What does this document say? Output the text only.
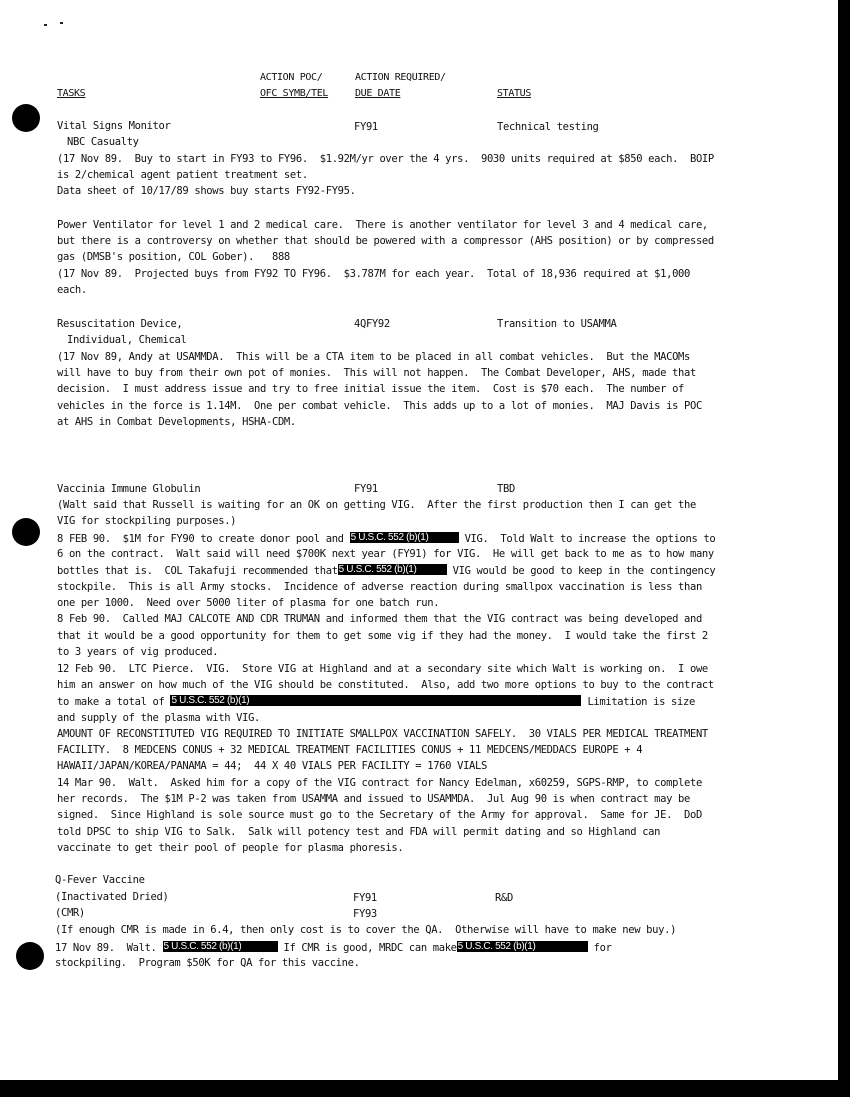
ACTION POC/	ACTION REQUIRED/
TASKS	OFC SYMB/TEL	DUE DATE	STATUS
Vital Signs Monitor	FY91	Technical testing
NBC Casualty
(17 Nov 89.  Buy to start in FY93 to FY96.  $1.92M/yr over the 4 yrs.  9030 units required at $850 each.  BOIP
is 2/chemical agent patient treatment set.
Data sheet of 10/17/89 shows buy starts FY92-FY95.
Power Ventilator for level 1 and 2 medical care.  There is another ventilator for level 3 and 4 medical care,
but there is a controversy on whether that should be powered with a compressor (AHS position) or by compressed
gas (DMSB's position, COL Gober).   888
(17 Nov 89.  Projected buys from FY92 TO FY96.  $3.787M for each year.  Total of 18,936 required at $1,000
each.
Resuscitation Device,	4QFY92	Transition to USAMMA
Individual, Chemical
(17 Nov 89, Andy at USAMMDA.  This will be a CTA item to be placed in all combat vehicles.  But the MACOMs
will have to buy from their own pot of monies.  This will not happen.  The Combat Developer, AHS, made that
decision.  I must address issue and try to free initial issue the item.  Cost is $70 each.  The number of
vehicles in the force is 1.14M.  One per combat vehicle.  This adds up to a lot of monies.  MAJ Davis is POC
at AHS in Combat Developments, HSHA-CDM.
Vaccinia Immune Globulin	FY91	TBD
(Walt said that Russell is waiting for an OK on getting VIG.  After the first production then I can get the
VIG for stockpiling purposes.)
8 FEB 90.  $1M for FY90 to create donor pool and 5 U.S.C. 552 (b)(1)	VIG.  Told Walt to increase the options to
6 on the contract.  Walt said will need $700K next year (FY91) for VIG.  He will get back to me as to how many
bottles that is.  COL Takafuji recommended that5 U.S.C. 552 (b)(1)	VIG would be good to keep in the contingency
stockpile.  This is all Army stocks.  Incidence of adverse reaction during smallpox vaccination is less than
one per 1000.  Need over 5000 liter of plasma for one batch run.
8 Feb 90.  Called MAJ CALCOTE AND CDR TRUMAN and informed them that the VIG contract was being developed and
that it would be a good opportunity for them to get some vig if they had the money.  I would take the first 2
to 3 years of vig produced.
12 Feb 90.  LTC Pierce.  VIG.  Store VIG at Highland and at a secondary site which Walt is working on.  I owe
him an answer on how much of the VIG should be constituted.  Also, add two more options to buy to the contract
to make a total of 5 U.S.C. 552 (b)(1)	Limitation is size
and supply of the plasma with VIG.
AMOUNT OF RECONSTITUTED VIG REQUIRED TO INITIATE SMALLPOX VACCINATION SAFELY.  30 VIALS PER MEDICAL TREATMENT
FACILITY.  8 MEDCENS CONUS + 32 MEDICAL TREATMENT FACILITIES CONUS + 11 MEDCENS/MEDDACS EUROPE + 4
HAWAII/JAPAN/KOREA/PANAMA = 44;  44 X 40 VIALS PER FACILITY = 1760 VIALS
14 Mar 90.  Walt.  Asked him for a copy of the VIG contract for Nancy Edelman, x60259, SGPS-RMP, to complete
her records.  The $1M P-2 was taken from USAMMA and issued to USAMMDA.  Jul Aug 90 is when contract may be
signed.  Since Highland is sole source must go to the Secretary of the Army for approval.  Same for JE.  DoD
told DPSC to ship VIG to Salk.  Salk will potency test and FDA will permit dating and so Highland can
vaccinate to get their pool of people for plasma phoresis.
Q-Fever Vaccine
(Inactivated Dried)	FY91	R&D
(CMR)	FY93
(If enough CMR is made in 6.4, then only cost is to cover the QA.  Otherwise will have to make new buy.)
17 Nov 89.  Walt. 5 U.S.C. 552 (b)(1)	If CMR is good, MRDC can make5 U.S.C. 552 (b)(1)	for
stockpiling.  Program $50K for QA for this vaccine.
